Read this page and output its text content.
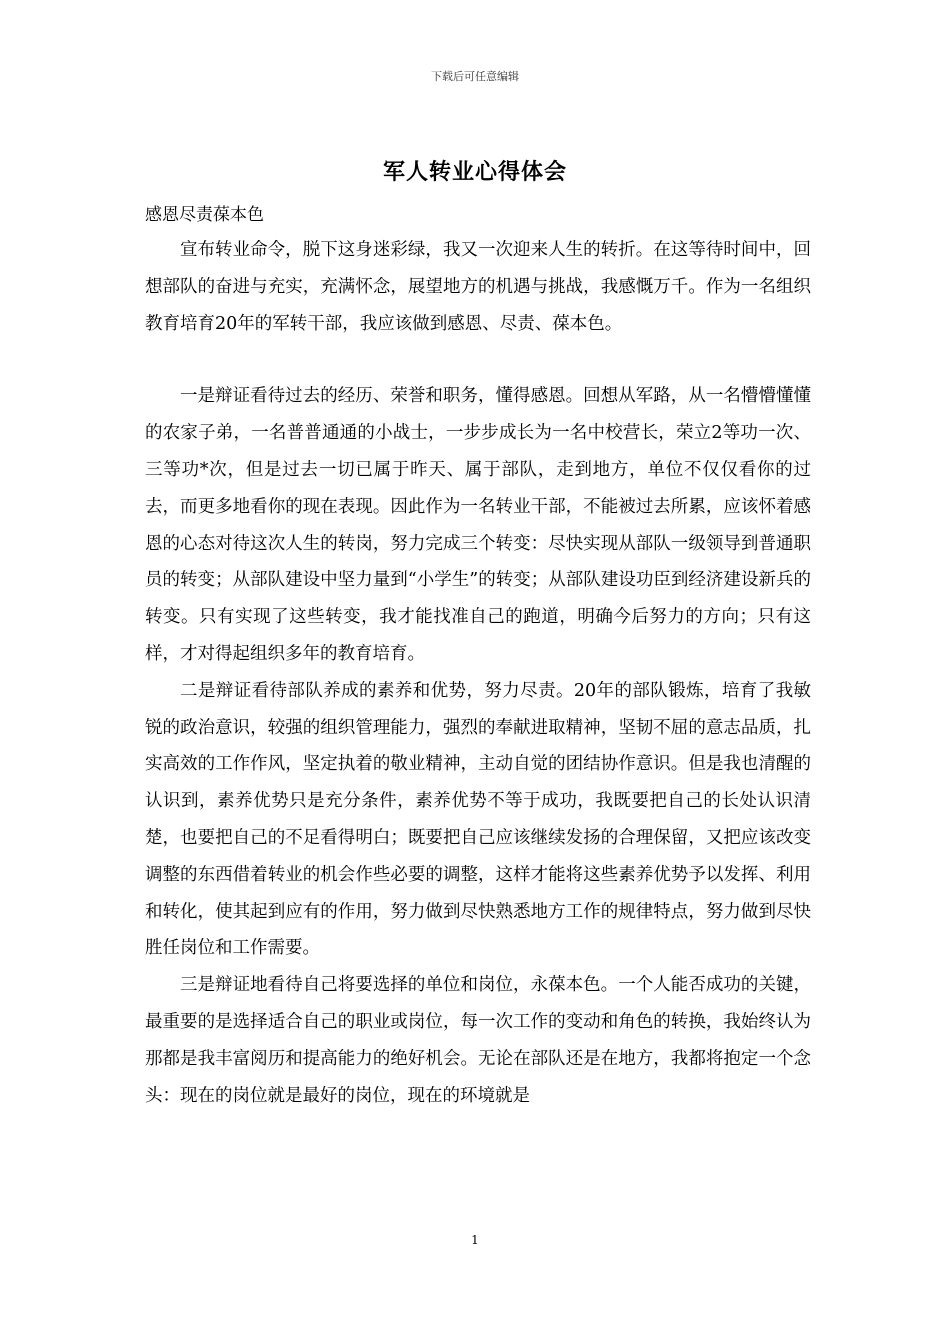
下载后可任意编辑
军人转业心得体会
感恩尽责葆本色

宣布转业命令，脱下这身迷彩绿，我又一次迎来人生的转折。在这等待时间中，回想部队的奋进与充实，充满怀念，展望地方的机遇与挑战，我感慨万千。作为一名组织教育培育20年的军转干部，我应该做到感恩、尽责、葆本色。

一是辩证看待过去的经历、荣誉和职务，懂得感恩。回想从军路，从一名懵懵懂懂的农家子弟，一名普普通通的小战士，一步步成长为一名中校营长，荣立2等功一次、三等功*次，但是过去一切已属于昨天、属于部队，走到地方，单位不仅仅看你的过去，而更多地看你的现在表现。因此作为一名转业干部，不能被过去所累，应该怀着感恩的心态对待这次人生的转岗，努力完成三个转变：尽快实现从部队一级领导到普通职员的转变；从部队建设中坚力量到“小学生”的转变；从部队建设功臣到经济建设新兵的转变。只有实现了这些转变，我才能找准自己的跑道，明确今后努力的方向；只有这样，才对得起组织多年的教育培育。

二是辩证看待部队养成的素养和优势，努力尽责。20年的部队锻炼，培育了我敏锐的政治意识，较强的组织管理能力，强烈的奉献进取精神，坚韧不屈的意志品质，扎实高效的工作作风，坚定执着的敬业精神，主动自觉的团结协作意识。但是我也清醒的认识到，素养优势只是充分条件，素养优势不等于成功，我既要把自己的长处认识清楚，也要把自己的不足看得明白；既要把自己应该继续发扬的合理保留，又把应该改变调整的东西借着转业的机会作些必要的调整，这样才能将这些素养优势予以发挥、利用和转化，使其起到应有的作用，努力做到尽快熟悉地方工作的规律特点，努力做到尽快胜任岗位和工作需要。

三是辩证地看待自己将要选择的单位和岗位，永葆本色。一个人能否成功的关键，最重要的是选择适合自己的职业或岗位，每一次工作的变动和角色的转换，我始终认为那都是我丰富阅历和提高能力的绝好机会。无论在部队还是在地方，我都将抱定一个念头：现在的岗位就是最好的岗位，现在的环境就是

1
